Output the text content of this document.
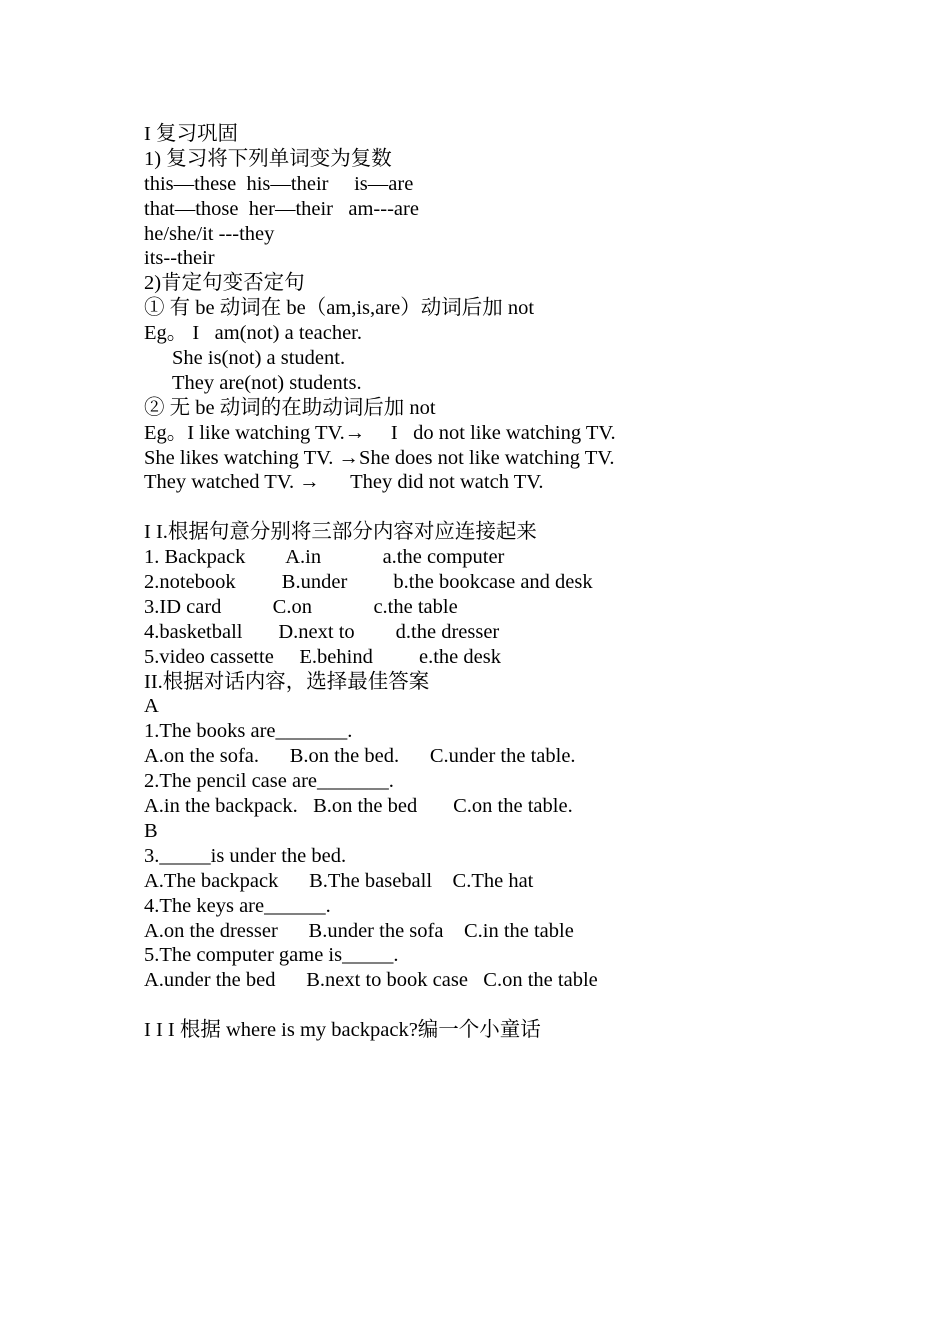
I 复习巩固
1) 复习将下列单词变为复数
this—these  his—their     is—are
that—those  her—their   am---are
he/she/it ---they
its--their
2)肯定句变否定句
① 有 be 动词在 be（am,is,are）动词后加 not
Eg。 I   am(not) a teacher.
She is(not) a student.
They are(not) students.
② 无 be 动词的在助动词后加 not
Eg。I like watching TV.→     I   do not like watching TV.
She likes watching TV. →She does not like watching TV.
They watched TV. →      They did not watch TV.
I I.根据句意分别将三部分内容对应连接起来
1. Backpack        A.in            a.the computer
2.notebook         B.under         b.the bookcase and desk
3.ID card          C.on            c.the table
4.basketball       D.next to        d.the dresser
5.video cassette     E.behind         e.the desk
II.根据对话内容，选择最佳答案
A
1.The books are_______.
A.on the sofa.      B.on the bed.      C.under the table.
2.The pencil case are_______.
A.in the backpack.   B.on the bed       C.on the table.
B
3._____is under the bed.
A.The backpack      B.The baseball    C.The hat
4.The keys are______.
A.on the dresser      B.under the sofa    C.in the table
5.The computer game is_____.
A.under the bed      B.next to book case   C.on the table
I I I 根据 where is my backpack?编一个小童话
